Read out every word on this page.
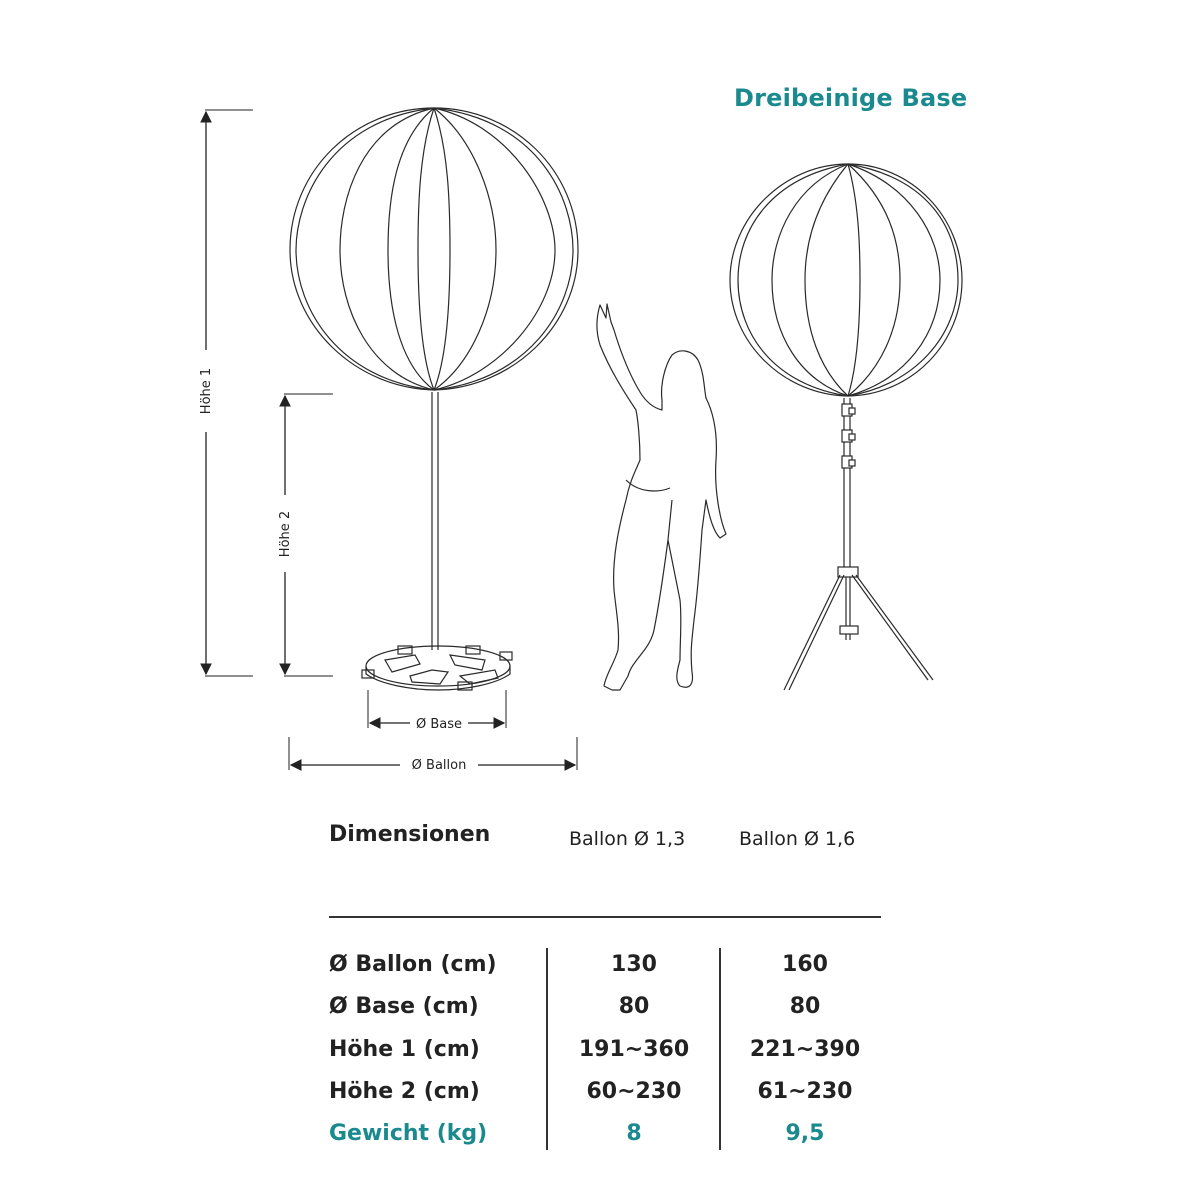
Höhe 1
Höhe 2
Ø Base
Ø Ballon
Dreibeinige Base
Dimensionen	Ballon Ø 1,3	Ballon Ø 1,6
Ø Ballon (cm)	130	160
Ø Base (cm)	80	80
Höhe 1 (cm)	191~360	221~390
Höhe 2 (cm)	60~230	61~230
Gewicht (kg)	8	9,5
